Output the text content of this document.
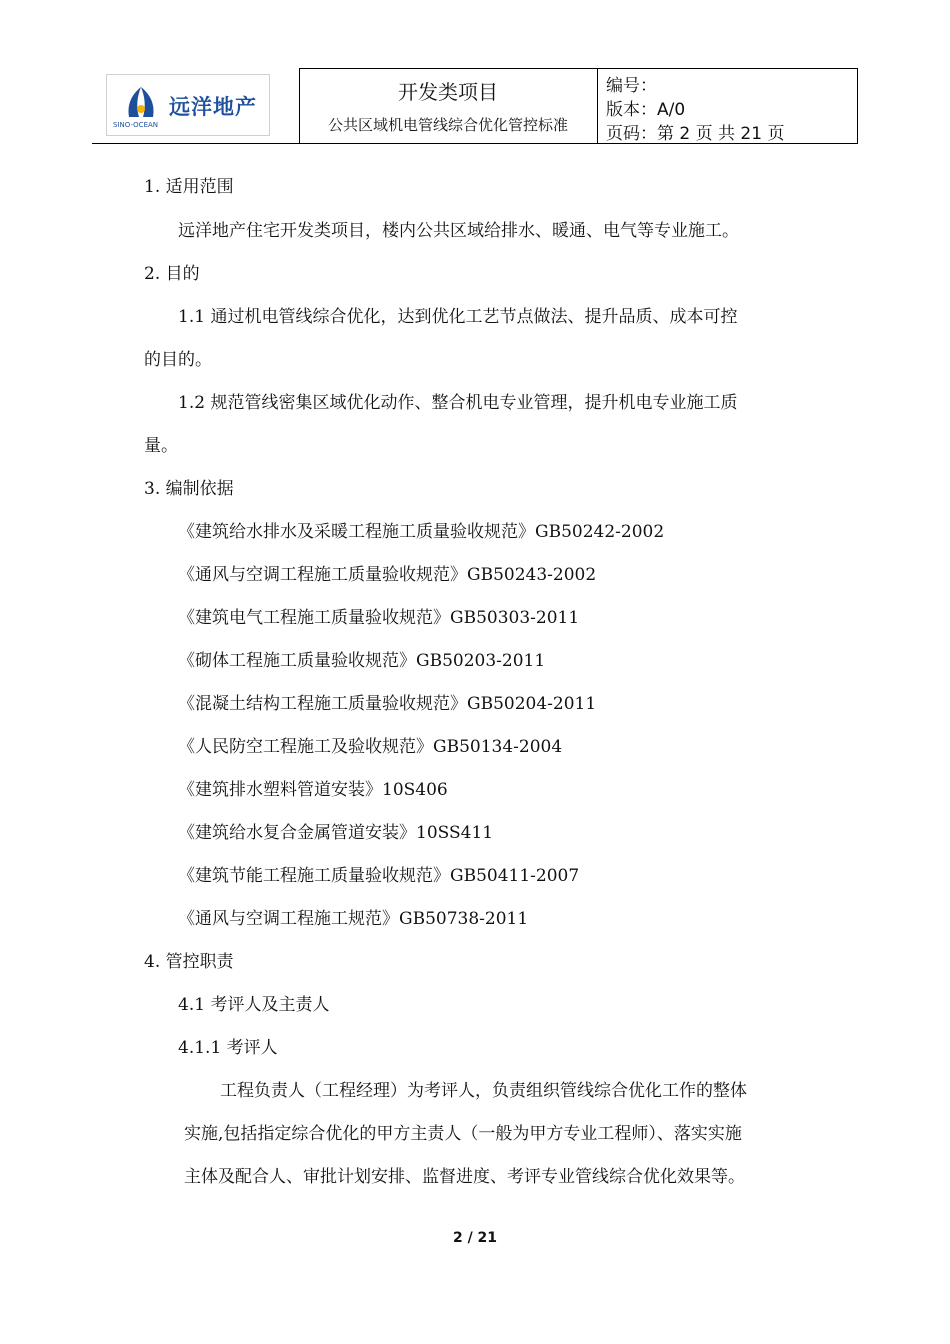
远洋地产
SINO-OCEAN
开发类项目
公共区域机电管线综合优化管控标准
编号：
版本：A/0
页码：第 2 页 共 21 页
1. 适用范围
远洋地产住宅开发类项目，楼内公共区域给排水、暖通、电气等专业施工。
2. 目的
1.1 通过机电管线综合优化，达到优化工艺节点做法、提升品质、成本可控
的目的。
1.2 规范管线密集区域优化动作、整合机电专业管理，提升机电专业施工质
量。
3. 编制依据
《建筑给水排水及采暖工程施工质量验收规范》GB50242-2002
《通风与空调工程施工质量验收规范》GB50243-2002
《建筑电气工程施工质量验收规范》GB50303-2011
《砌体工程施工质量验收规范》GB50203-2011
《混凝土结构工程施工质量验收规范》GB50204-2011
《人民防空工程施工及验收规范》GB50134-2004
《建筑排水塑料管道安装》10S406
《建筑给水复合金属管道安装》10SS411
《建筑节能工程施工质量验收规范》GB50411-2007
《通风与空调工程施工规范》GB50738-2011
4. 管控职责
4.1 考评人及主责人
4.1.1 考评人
工程负责人（工程经理）为考评人，负责组织管线综合优化工作的整体
实施,包括指定综合优化的甲方主责人（一般为甲方专业工程师）、落实实施
主体及配合人、审批计划安排、监督进度、考评专业管线综合优化效果等。
2 / 21
